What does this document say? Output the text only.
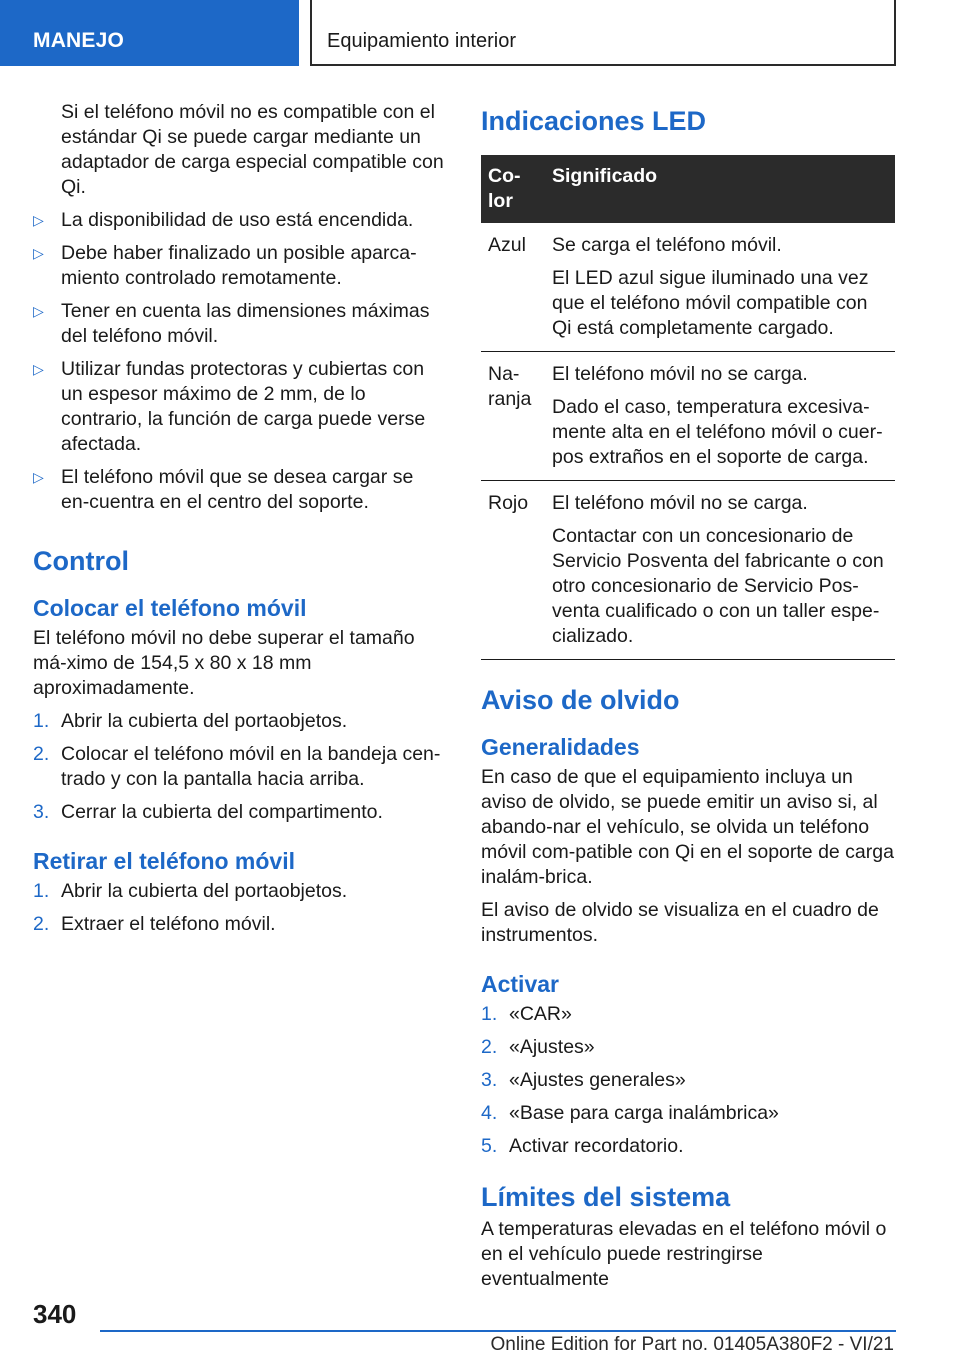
MANEJO	Equipamiento interior

Si el teléfono móvil no es compatible con el estándar Qi se puede cargar mediante un adaptador de carga especial compatible con Qi.

▷ La disponibilidad de uso está encendida.
▷ Debe haber finalizado un posible aparca-miento controlado remotamente.
▷ Tener en cuenta las dimensiones máximas del teléfono móvil.
▷ Utilizar fundas protectoras y cubiertas con un espesor máximo de 2 mm, de lo contrario, la función de carga puede verse afectada.
▷ El teléfono móvil que se desea cargar se en-cuentra en el centro del soporte.
Control
Colocar el teléfono móvil

El teléfono móvil no debe superar el tamaño má-ximo de 154,5 x 80 x 18 mm aproximadamente.

1. Abrir la cubierta del portaobjetos.
2. Colocar el teléfono móvil en la bandeja cen-trado y con la pantalla hacia arriba.
3. Cerrar la cubierta del compartimento.
Retirar el teléfono móvil
1. Abrir la cubierta del portaobjetos.
2. Extraer el teléfono móvil.
Indicaciones LED
Co-lor	Significado
Azul	Se carga el teléfono móvil.

El LED azul sigue iluminado una vez que el teléfono móvil compatible con Qi está completamente cargado.

Na-ranja	El teléfono móvil no se carga.

Dado el caso, temperatura excesiva-mente alta en el teléfono móvil o cuer-pos extraños en el soporte de carga.

Rojo	El teléfono móvil no se carga.

Contactar con un concesionario de Servicio Posventa del fabricante o con otro concesionario de Servicio Pos-venta cualificado o con un taller espe-cializado.

Aviso de olvido
Generalidades

En caso de que el equipamiento incluya un aviso de olvido, se puede emitir un aviso si, al abando-nar el vehículo, se olvida un teléfono móvil com-patible con Qi en el soporte de carga inalám-brica.

El aviso de olvido se visualiza en el cuadro de instrumentos.

Activar
1. «CAR»
2. «Ajustes»
3. «Ajustes generales»
4. «Base para carga inalámbrica»
5. Activar recordatorio.
Límites del sistema

A temperaturas elevadas en el teléfono móvil o en el vehículo puede restringirse eventualmente

340
Online Edition for Part no. 01405A380F2 - VI/21
